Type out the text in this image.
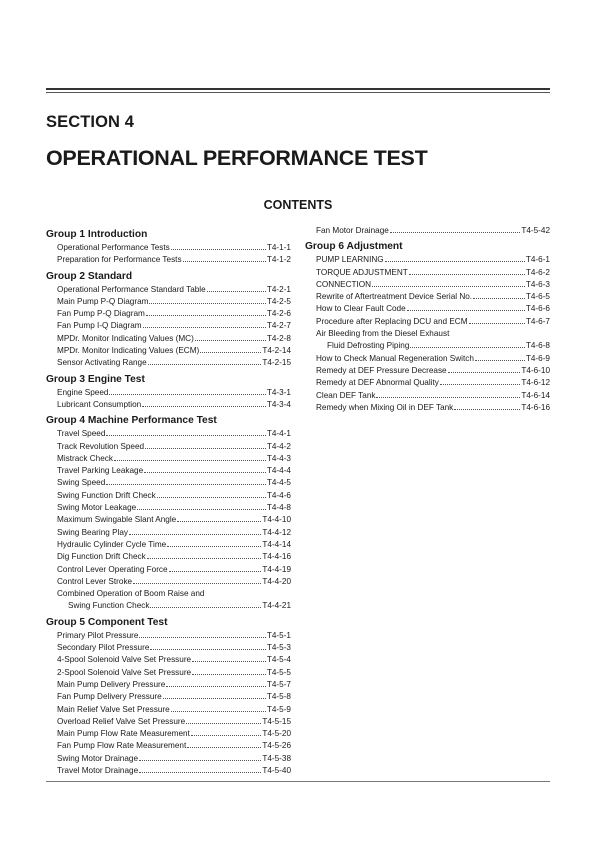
SECTION 4
OPERATIONAL PERFORMANCE TEST
CONTENTS
Group 1 Introduction
Operational Performance Tests	T4-1-1
Preparation for Performance Tests	T4-1-2
Group 2 Standard
Operational Performance Standard Table	T4-2-1
Main Pump P-Q Diagram	T4-2-5
Fan Pump P-Q Diagram	T4-2-6
Fan Pump I-Q Diagram	T4-2-7
MPDr. Monitor Indicating Values (MC)	T4-2-8
MPDr. Monitor Indicating Values (ECM)	T4-2-14
Sensor Activating Range	T4-2-15
Group 3 Engine Test
Engine Speed	T4-3-1
Lubricant Consumption	T4-3-4
Group 4 Machine Performance Test
Travel Speed	T4-4-1
Track Revolution Speed	T4-4-2
Mistrack Check	T4-4-3
Travel Parking Leakage	T4-4-4
Swing Speed	T4-4-5
Swing Function Drift Check	T4-4-6
Swing Motor Leakage	T4-4-8
Maximum Swingable Slant Angle	T4-4-10
Swing Bearing Play	T4-4-12
Hydraulic Cylinder Cycle Time	T4-4-14
Dig Function Drift Check	T4-4-16
Control Lever Operating Force	T4-4-19
Control Lever Stroke	T4-4-20
Combined Operation of Boom Raise and
Swing Function Check	T4-4-21
Group 5 Component Test
Primary Pilot Pressure	T4-5-1
Secondary Pilot Pressure	T4-5-3
4-Spool Solenoid Valve Set Pressure	T4-5-4
2-Spool Solenoid Valve Set Pressure	T4-5-5
Main Pump Delivery Pressure	T4-5-7
Fan Pump Delivery Pressure	T4-5-8
Main Relief Valve Set Pressure	T4-5-9
Overload Relief Valve Set Pressure	T4-5-15
Main Pump Flow Rate Measurement	T4-5-20
Fan Pump Flow Rate Measurement	T4-5-26
Swing Motor Drainage	T4-5-38
Travel Motor Drainage	T4-5-40
Fan Motor Drainage	T4-5-42
Group 6 Adjustment
PUMP LEARNING	T4-6-1
TORQUE ADJUSTMENT	T4-6-2
CONNECTION	T4-6-3
Rewrite of Aftertreatment Device Serial No.	T4-6-5
How to Clear Fault Code	T4-6-6
Procedure after Replacing DCU and ECM	T4-6-7
Air Bleeding from the Diesel Exhaust
Fluid Defrosting Piping	T4-6-8
How to Check Manual Regeneration Switch	T4-6-9
Remedy at DEF Pressure Decrease	T4-6-10
Remedy at DEF Abnormal Quality	T4-6-12
Clean DEF Tank	T4-6-14
Remedy when Mixing Oil in DEF Tank	T4-6-16
